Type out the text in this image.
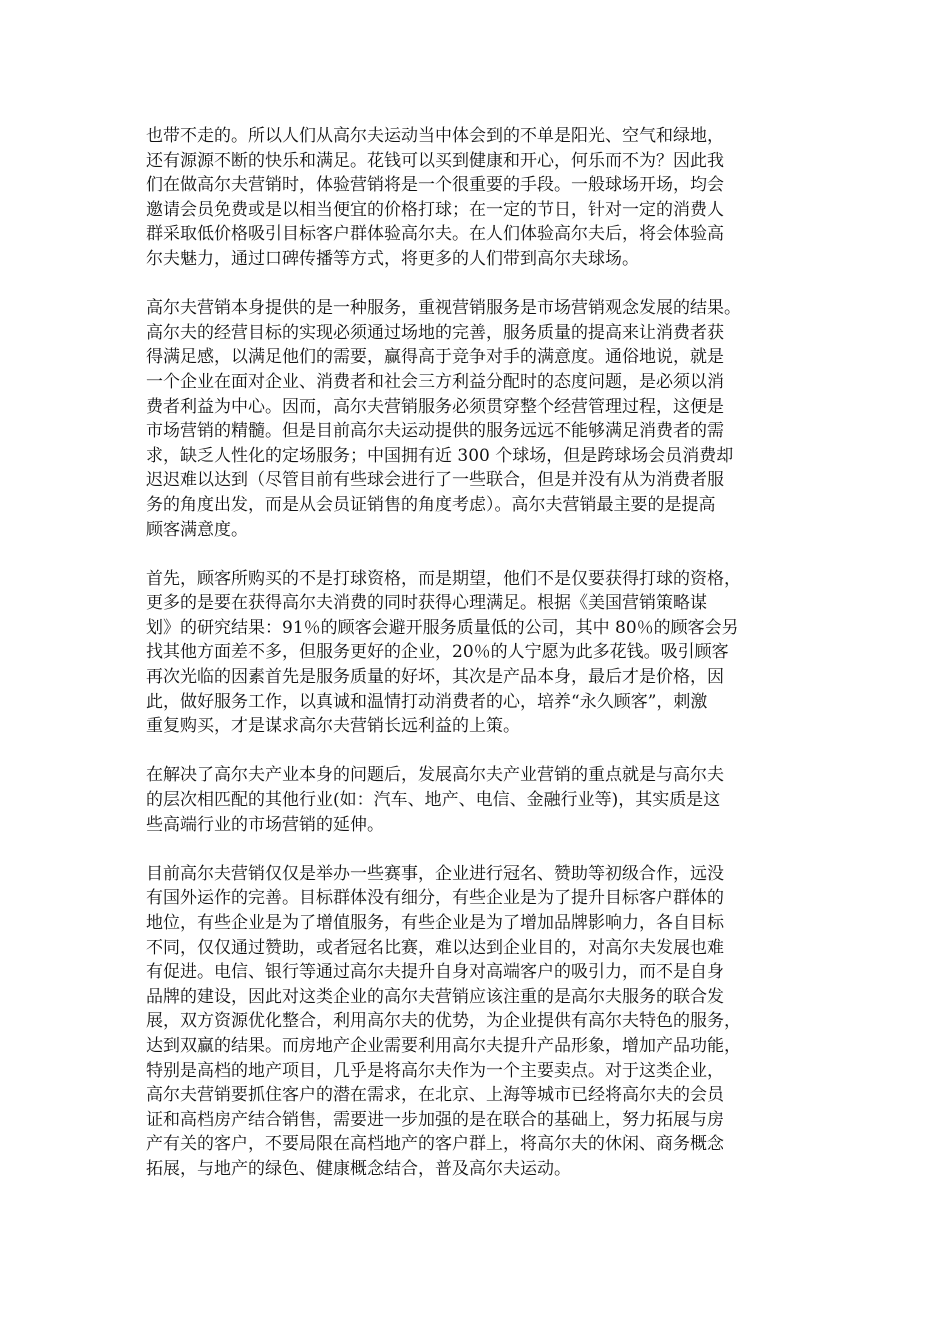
也带不走的。所以人们从高尔夫运动当中体会到的不单是阳光、空气和绿地，
还有源源不断的快乐和满足。花钱可以买到健康和开心，何乐而不为？因此我
们在做高尔夫营销时，体验营销将是一个很重要的手段。一般球场开场，均会
邀请会员免费或是以相当便宜的价格打球；在一定的节日，针对一定的消费人
群采取低价格吸引目标客户群体验高尔夫。在人们体验高尔夫后，将会体验高
尔夫魅力，通过口碑传播等方式，将更多的人们带到高尔夫球场。

高尔夫营销本身提供的是一种服务，重视营销服务是市场营销观念发展的结果。
高尔夫的经营目标的实现必须通过场地的完善，服务质量的提高来让消费者获
得满足感，以满足他们的需要，赢得高于竞争对手的满意度。通俗地说，就是
一个企业在面对企业、消费者和社会三方利益分配时的态度问题，是必须以消
费者利益为中心。因而，高尔夫营销服务必须贯穿整个经营管理过程，这便是
市场营销的精髓。但是目前高尔夫运动提供的服务远远不能够满足消费者的需
求，缺乏人性化的定场服务；中国拥有近 300 个球场，但是跨球场会员消费却
迟迟难以达到（尽管目前有些球会进行了一些联合，但是并没有从为消费者服
务的角度出发，而是从会员证销售的角度考虑）。高尔夫营销最主要的是提高
顾客满意度。

首先，顾客所购买的不是打球资格，而是期望，他们不是仅要获得打球的资格，
更多的是要在获得高尔夫消费的同时获得心理满足。根据《美国营销策略谋
划》的研究结果：91％的顾客会避开服务质量低的公司，其中 80％的顾客会另
找其他方面差不多，但服务更好的企业，20％的人宁愿为此多花钱。吸引顾客
再次光临的因素首先是服务质量的好坏，其次是产品本身，最后才是价格，因
此，做好服务工作，以真诚和温情打动消费者的心，培养“永久顾客”，刺激
重复购买，才是谋求高尔夫营销长远利益的上策。

在解决了高尔夫产业本身的问题后，发展高尔夫产业营销的重点就是与高尔夫
的层次相匹配的其他行业(如：汽车、地产、电信、金融行业等)，其实质是这
些高端行业的市场营销的延伸。

目前高尔夫营销仅仅是举办一些赛事，企业进行冠名、赞助等初级合作，远没
有国外运作的完善。目标群体没有细分，有些企业是为了提升目标客户群体的
地位，有些企业是为了增值服务，有些企业是为了增加品牌影响力，各自目标
不同，仅仅通过赞助，或者冠名比赛，难以达到企业目的，对高尔夫发展也难
有促进。电信、银行等通过高尔夫提升自身对高端客户的吸引力，而不是自身
品牌的建设，因此对这类企业的高尔夫营销应该注重的是高尔夫服务的联合发
展，双方资源优化整合，利用高尔夫的优势，为企业提供有高尔夫特色的服务，
达到双赢的结果。而房地产企业需要利用高尔夫提升产品形象，增加产品功能，
特别是高档的地产项目，几乎是将高尔夫作为一个主要卖点。对于这类企业，
高尔夫营销要抓住客户的潜在需求，在北京、上海等城市已经将高尔夫的会员
证和高档房产结合销售，需要进一步加强的是在联合的基础上，努力拓展与房
产有关的客户，不要局限在高档地产的客户群上，将高尔夫的休闲、商务概念
拓展，与地产的绿色、健康概念结合，普及高尔夫运动。
